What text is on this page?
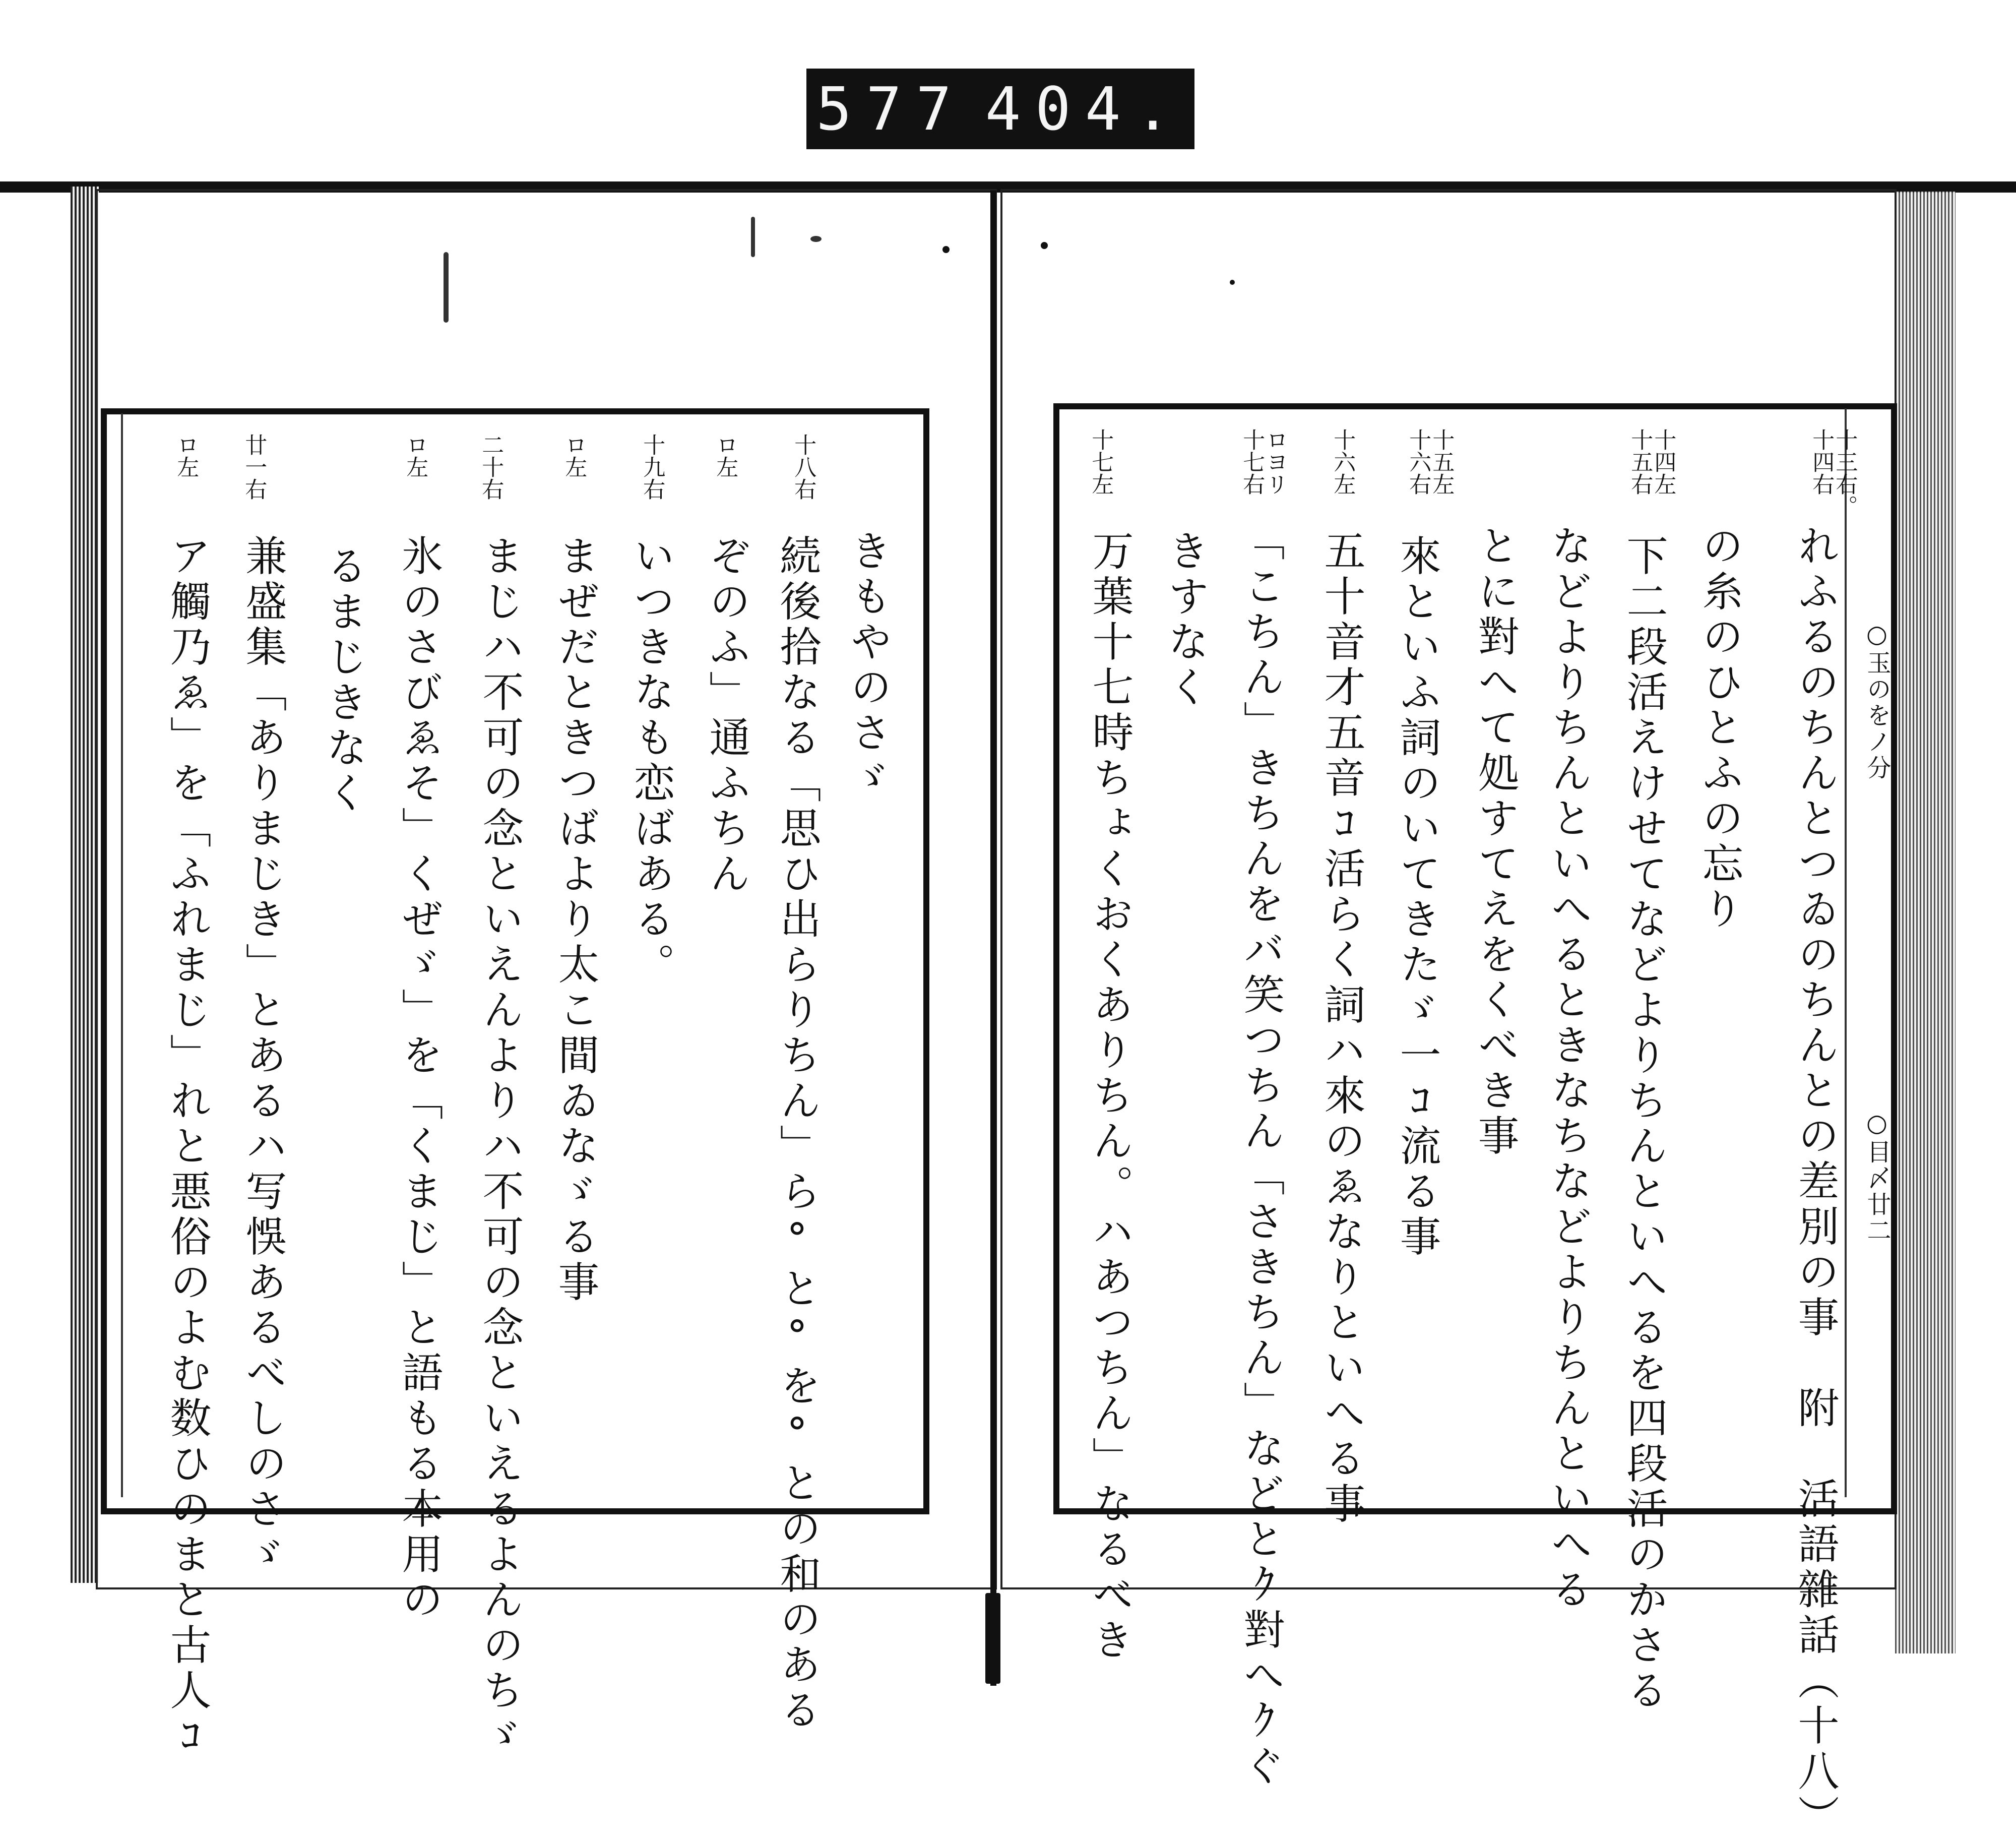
577 404.
○玉のをノ分
○目〆廿二
十三右。
十四右
れふるのちんとつゐのちんとの差別の事　附　活語雜話（十八）
の糸のひとふの忘り
十四左
十五右
下二段活えけせてなどよりちんといへるを四段活のかさる
などよりちんといへるときなちなどよりちんといへる
とに對へて処すてえをくべき事
十五左
十六右
來といふ詞のいてきたゞ一ｺ流る事
十六左
五十音才五音ｺ活らく詞ハ來のゑなりといへる事
ロヨリ
十七右
「こちん」きちんをバ笑つちん「さきちん」などとｸ對へｸぐ
きすなく
十七左
万葉十七時ちょくおくありちん。ハあつちん」なるべき
きもやのさゞ
十八右
続後拾なる「思ひ出らりちん」ら°と°を°との和のある
ロ左
ぞのふ」通ふちん
十九右
いつきなも恋ばある。
ロ左
まぜだときつばより太こ間ゐなゞる事
二十右
まじハ不可の念といえんよりハ不可の念といえるよんのちゞ
ロ左
氷のさびゑそ」くぜゞ」を「くまじ」と語もる本用の
るまじきなく
廿一右
兼盛集「ありまじき」とあるハ写悞あるべしのさゞ
ロ左
ア觸乃ゑ」を「ふれまじ」れと悪俗のよむ数ひのまと古人ｺ
